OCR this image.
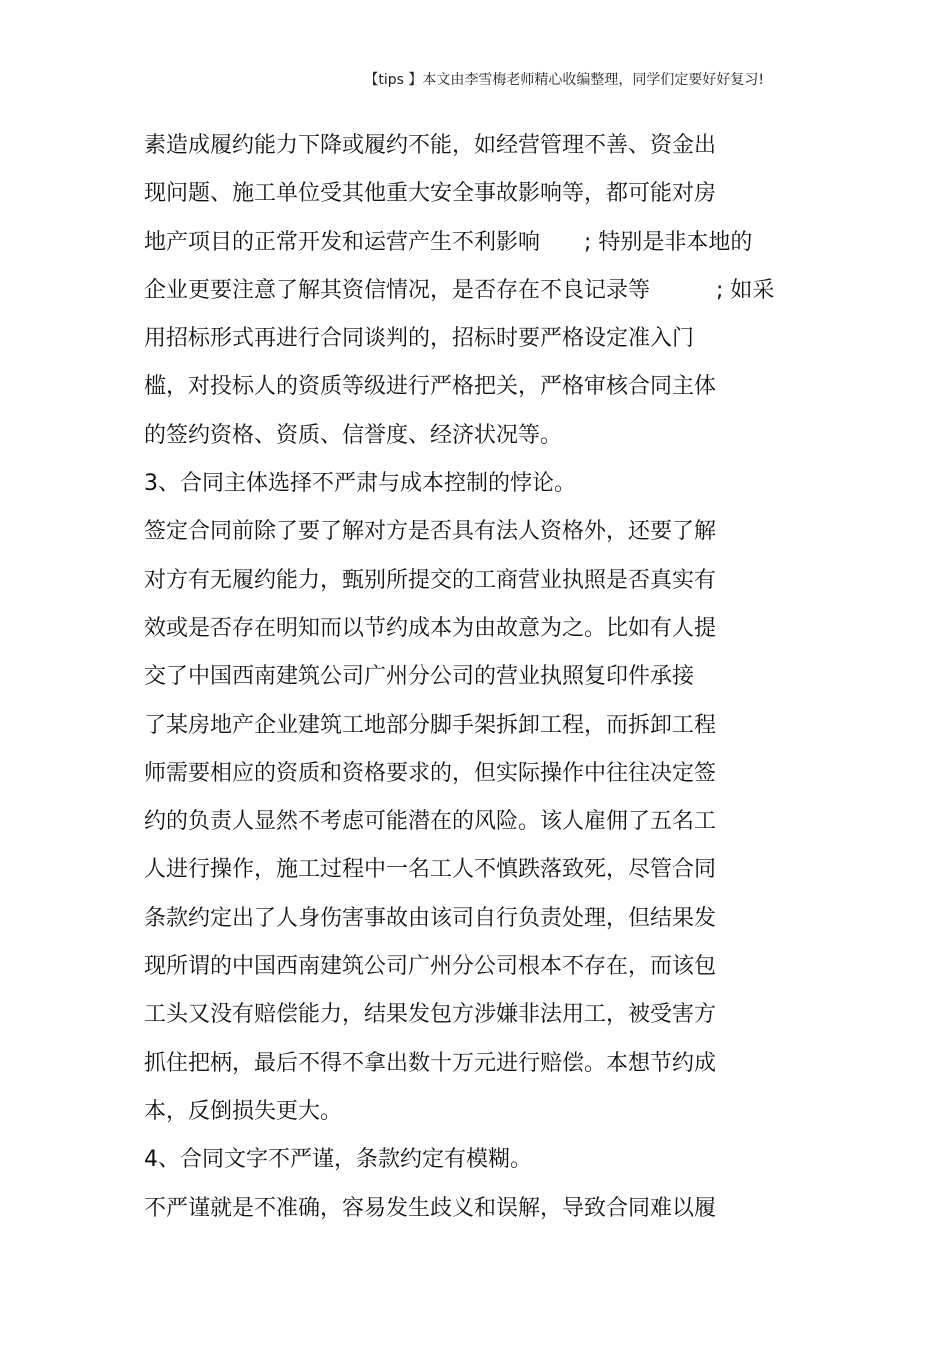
【tips 】本文由李雪梅老师精心收编整理，同学们定要好好复习!
素造成履约能力下降或履约不能，如经营管理不善、资金出
现问题、施工单位受其他重大安全事故影响等，都可能对房
地产项目的正常开发和运营产生不利影响　　; 特别是非本地的
企业更要注意了解其资信情况，是否存在不良记录等　　　; 如采
用招标形式再进行合同谈判的，招标时要严格设定准入门
槛，对投标人的资质等级进行严格把关，严格审核合同主体
的签约资格、资质、信誉度、经济状况等。
3、合同主体选择不严肃与成本控制的悖论。
签定合同前除了要了解对方是否具有法人资格外，还要了解
对方有无履约能力，甄别所提交的工商营业执照是否真实有
效或是否存在明知而以节约成本为由故意为之。比如有人提
交了中国西南建筑公司广州分公司的营业执照复印件承接
了某房地产企业建筑工地部分脚手架拆卸工程，而拆卸工程
师需要相应的资质和资格要求的，但实际操作中往往决定签
约的负责人显然不考虑可能潜在的风险。该人雇佣了五名工
人进行操作，施工过程中一名工人不慎跌落致死，尽管合同
条款约定出了人身伤害事故由该司自行负责处理，但结果发
现所谓的中国西南建筑公司广州分公司根本不存在，而该包
工头又没有赔偿能力，结果发包方涉嫌非法用工，被受害方
抓住把柄，最后不得不拿出数十万元进行赔偿。本想节约成
本，反倒损失更大。
4、合同文字不严谨，条款约定有模糊。
不严谨就是不准确，容易发生歧义和误解，导致合同难以履
